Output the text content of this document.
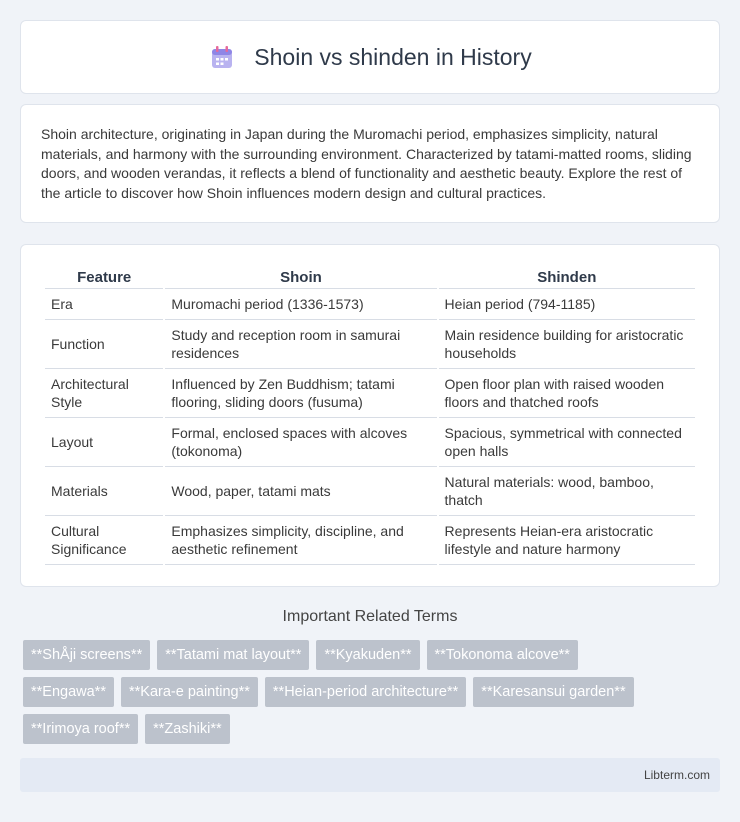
Shoin vs shinden in History

Shoin architecture, originating in Japan during the Muromachi period, emphasizes simplicity, natural materials, and harmony with the surrounding environment. Characterized by tatami-matted rooms, sliding doors, and wooden verandas, it reflects a blend of functionality and aesthetic beauty. Explore the rest of the article to discover how Shoin influences modern design and cultural practices.

Feature	Shoin	Shinden
Era	Muromachi period (1336-1573)	Heian period (794-1185)
Function	Study and reception room in samurai residences	Main residence building for aristocratic households
Architectural Style	Influenced by Zen Buddhism; tatami flooring, sliding doors (fusuma)	Open floor plan with raised wooden floors and thatched roofs
Layout	Formal, enclosed spaces with alcoves (tokonoma)	Spacious, symmetrical with connected open halls
Materials	Wood, paper, tatami mats	Natural materials: wood, bamboo, thatch
Cultural Significance	Emphasizes simplicity, discipline, and aesthetic refinement	Represents Heian-era aristocratic lifestyle and nature harmony
Important Related Terms
**ShÅji screens**	**Tatami mat layout**	**Kyakuden**	**Tokonoma alcove**
**Engawa**	**Kara-e painting**	**Heian-period architecture**	**Karesansui garden**
**Irimoya roof**	**Zashiki**
Libterm.com
